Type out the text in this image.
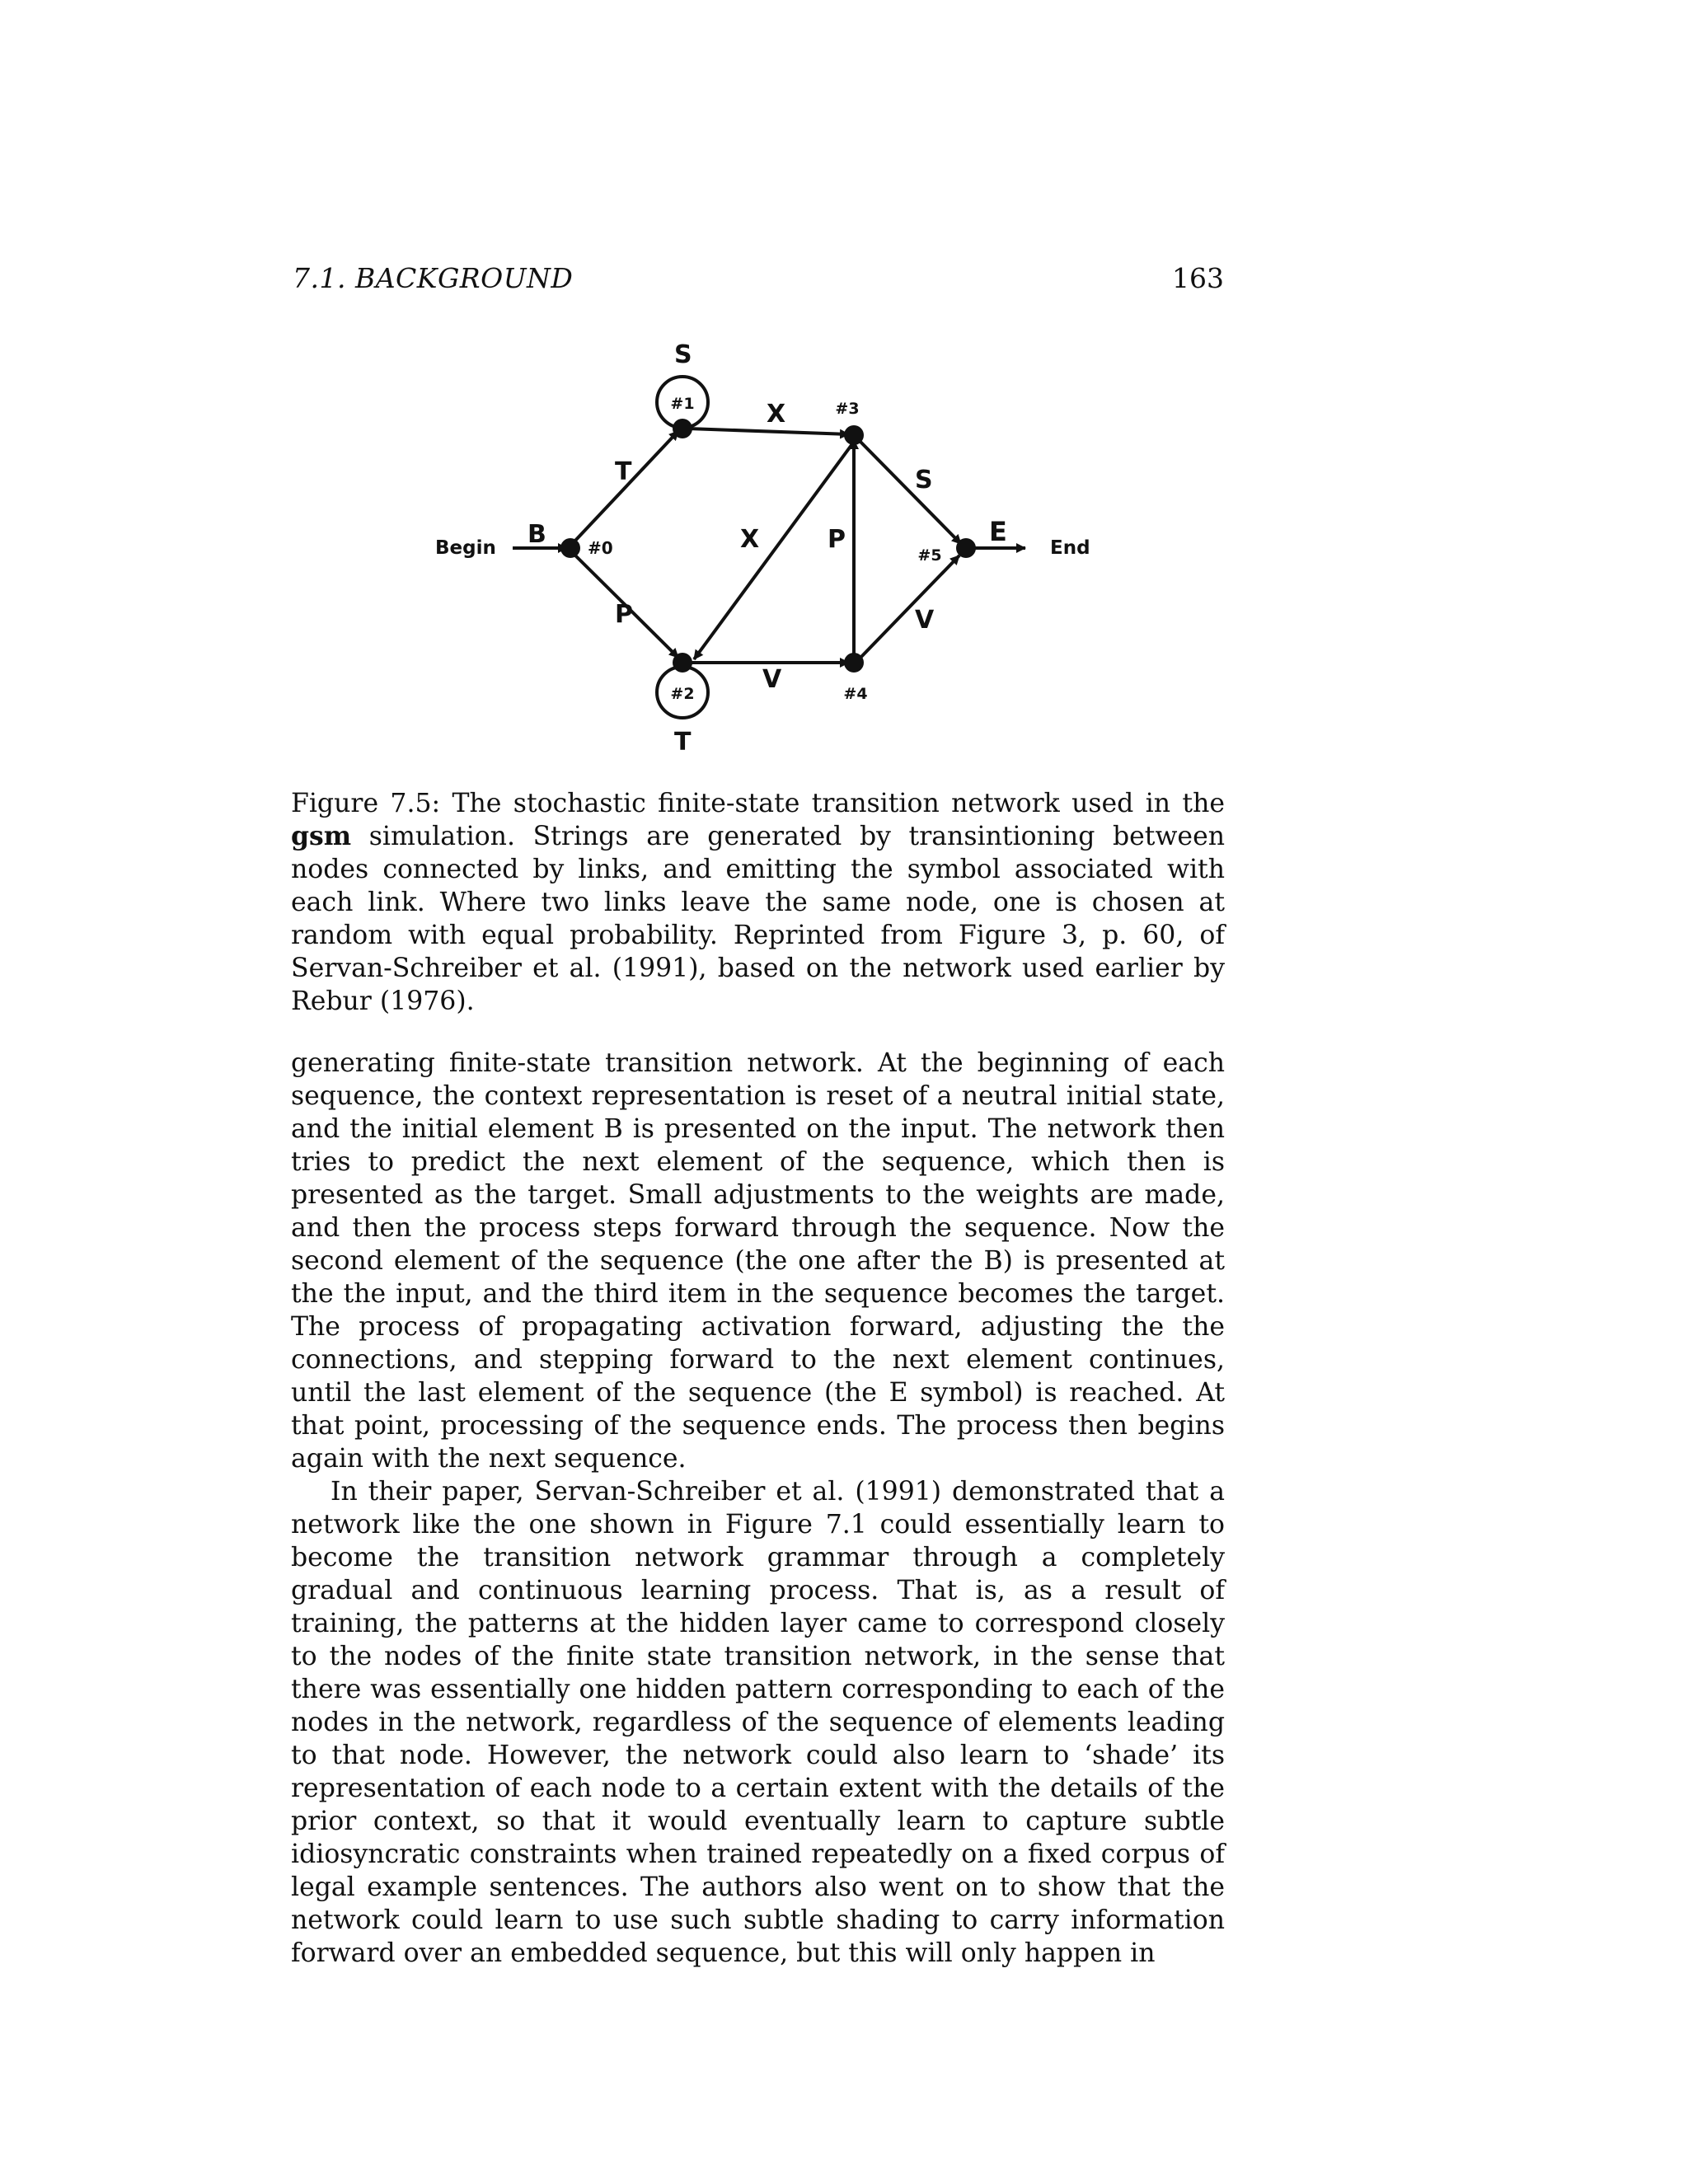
7.1. BACKGROUND	163
#0
#1
#2
#3
#4
#5
Begin	End
B
T
P
S
T
X
X
V
P
S
V
E
Figure 7.5: The stochastic finite-state transition network used in the gsm simulation. Strings are generated by transintioning between nodes connected by links, and emitting the symbol associated with each link. Where two links leave the same node, one is chosen at random with equal probability. Reprinted from Figure 3, p. 60, of Servan-Schreiber et al. (1991), based on the network used earlier by Rebur (1976).

generating finite-state transition network. At the beginning of each sequence, the context representation is reset of a neutral initial state, and the initial element B is presented on the input. The network then tries to predict the next element of the sequence, which then is presented as the target. Small adjustments to the weights are made, and then the process steps forward through the sequence. Now the second element of the sequence (the one after the B) is presented at the the input, and the third item in the sequence becomes the target. The process of propagating activation forward, adjusting the the connections, and stepping forward to the next element continues, until the last element of the sequence (the E symbol) is reached. At that point, processing of the sequence ends. The process then begins again with the next sequence.

In their paper, Servan-Schreiber et al. (1991) demonstrated that a network like the one shown in Figure 7.1 could essentially learn to become the transition network grammar through a completely gradual and continuous learning process. That is, as a result of training, the patterns at the hidden layer came to correspond closely to the nodes of the finite state transition network, in the sense that there was essentially one hidden pattern corresponding to each of the nodes in the network, regardless of the sequence of elements leading to that node. However, the network could also learn to ‘shade’ its representation of each node to a certain extent with the details of the prior context, so that it would eventually learn to capture subtle idiosyncratic constraints when trained repeatedly on a fixed corpus of legal example sentences. The authors also went on to show that the network could learn to use such subtle shading to carry information forward over an embedded sequence, but this will only happen in
